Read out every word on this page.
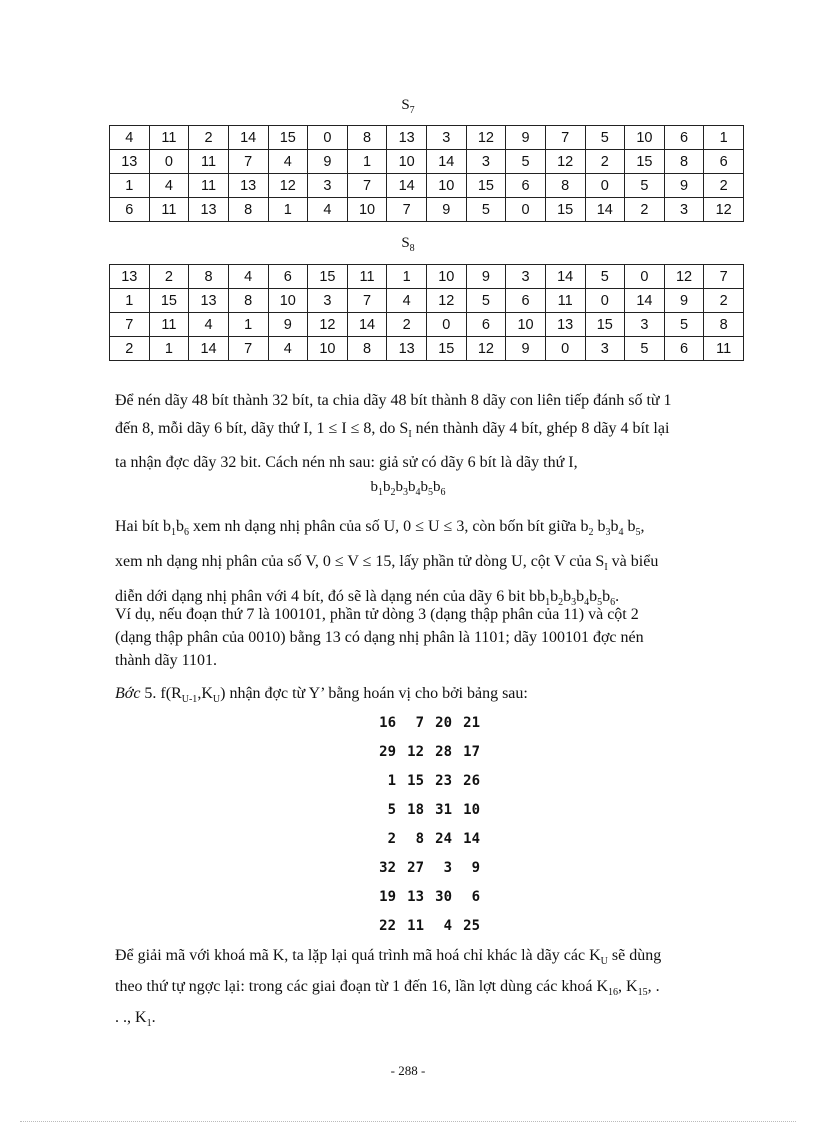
$S_7$
4	11	2	14	15	0	8	13	3	12	9	7	5	10	6	1
13	0	11	7	4	9	1	10	14	3	5	12	2	15	8	6
1	4	11	13	12	3	7	14	10	15	6	8	0	5	9	2
6	11	13	8	1	4	10	7	9	5	0	15	14	2	3	12
$S_8$
13	2	8	4	6	15	11	1	10	9	3	14	5	0	12	7
1	15	13	8	10	3	7	4	12	5	6	11	0	14	9	2
7	11	4	1	9	12	14	2	0	6	10	13	15	3	5	8
2	1	14	7	4	10	8	13	15	12	9	0	3	5	6	11
Để nén dãy 48 bít thành 32 bít, ta chia dãy 48 bít thành 8 dãy con liên tiếp đánh số từ 1
đến 8, mỗi dãy 6 bít, dãy thứ I, 1 ≤ I ≤ 8, do $S_I$ nén thành dãy 4 bít, ghép 8 dãy 4 bít lại
ta nhận đợc dãy 32 bit. Cách nén nh sau: giả sử có dãy 6 bít là dãy thứ I,
$b_1b_2b_3b_4b_5b_6$
Hai bít $b_1b_6$ xem nh dạng nhị phân của số U, 0 ≤ U ≤ 3, còn bốn bít giữa $b_2$ $b_3b_4$ $b_5$,
xem nh dạng nhị phân của số V, 0 ≤ V ≤ 15, lấy phần tử dòng U, cột V của $S_I$ và biểu
diễn dới dạng nhị phân với 4 bít, đó sẽ là dạng nén của dãy 6 bit $bb_1b_2b_3b_4b_5b_6$.
Ví dụ, nếu đoạn thứ 7 là 100101, phần tử dòng 3 (dạng thập phân của 11) và cột 2
(dạng thập phân của 0010) bằng 13 có dạng nhị phân là 1101; dãy 100101 đợc nén
thành dãy 1101.
Bớc 5. $f(R_{U-1},K_U)$ nhận đợc từ Y’ bằng hoán vị cho bởi bảng sau:
16	7	20	21
29	12	28	17
1	15	23	26
5	18	31	10
2	8	24	14
32	27	3	9
19	13	30	6
22	11	4	25
Để giải mã với khoá mã K, ta lặp lại quá trình mã hoá chỉ khác là dãy các $K_U$ sẽ dùng
theo thứ tự ngợc lại: trong các giai đoạn từ 1 đến 16, lần lợt dùng các khoá $K_{16}$, $K_{15}$, .
. ., $K_1$.
- 288 -
